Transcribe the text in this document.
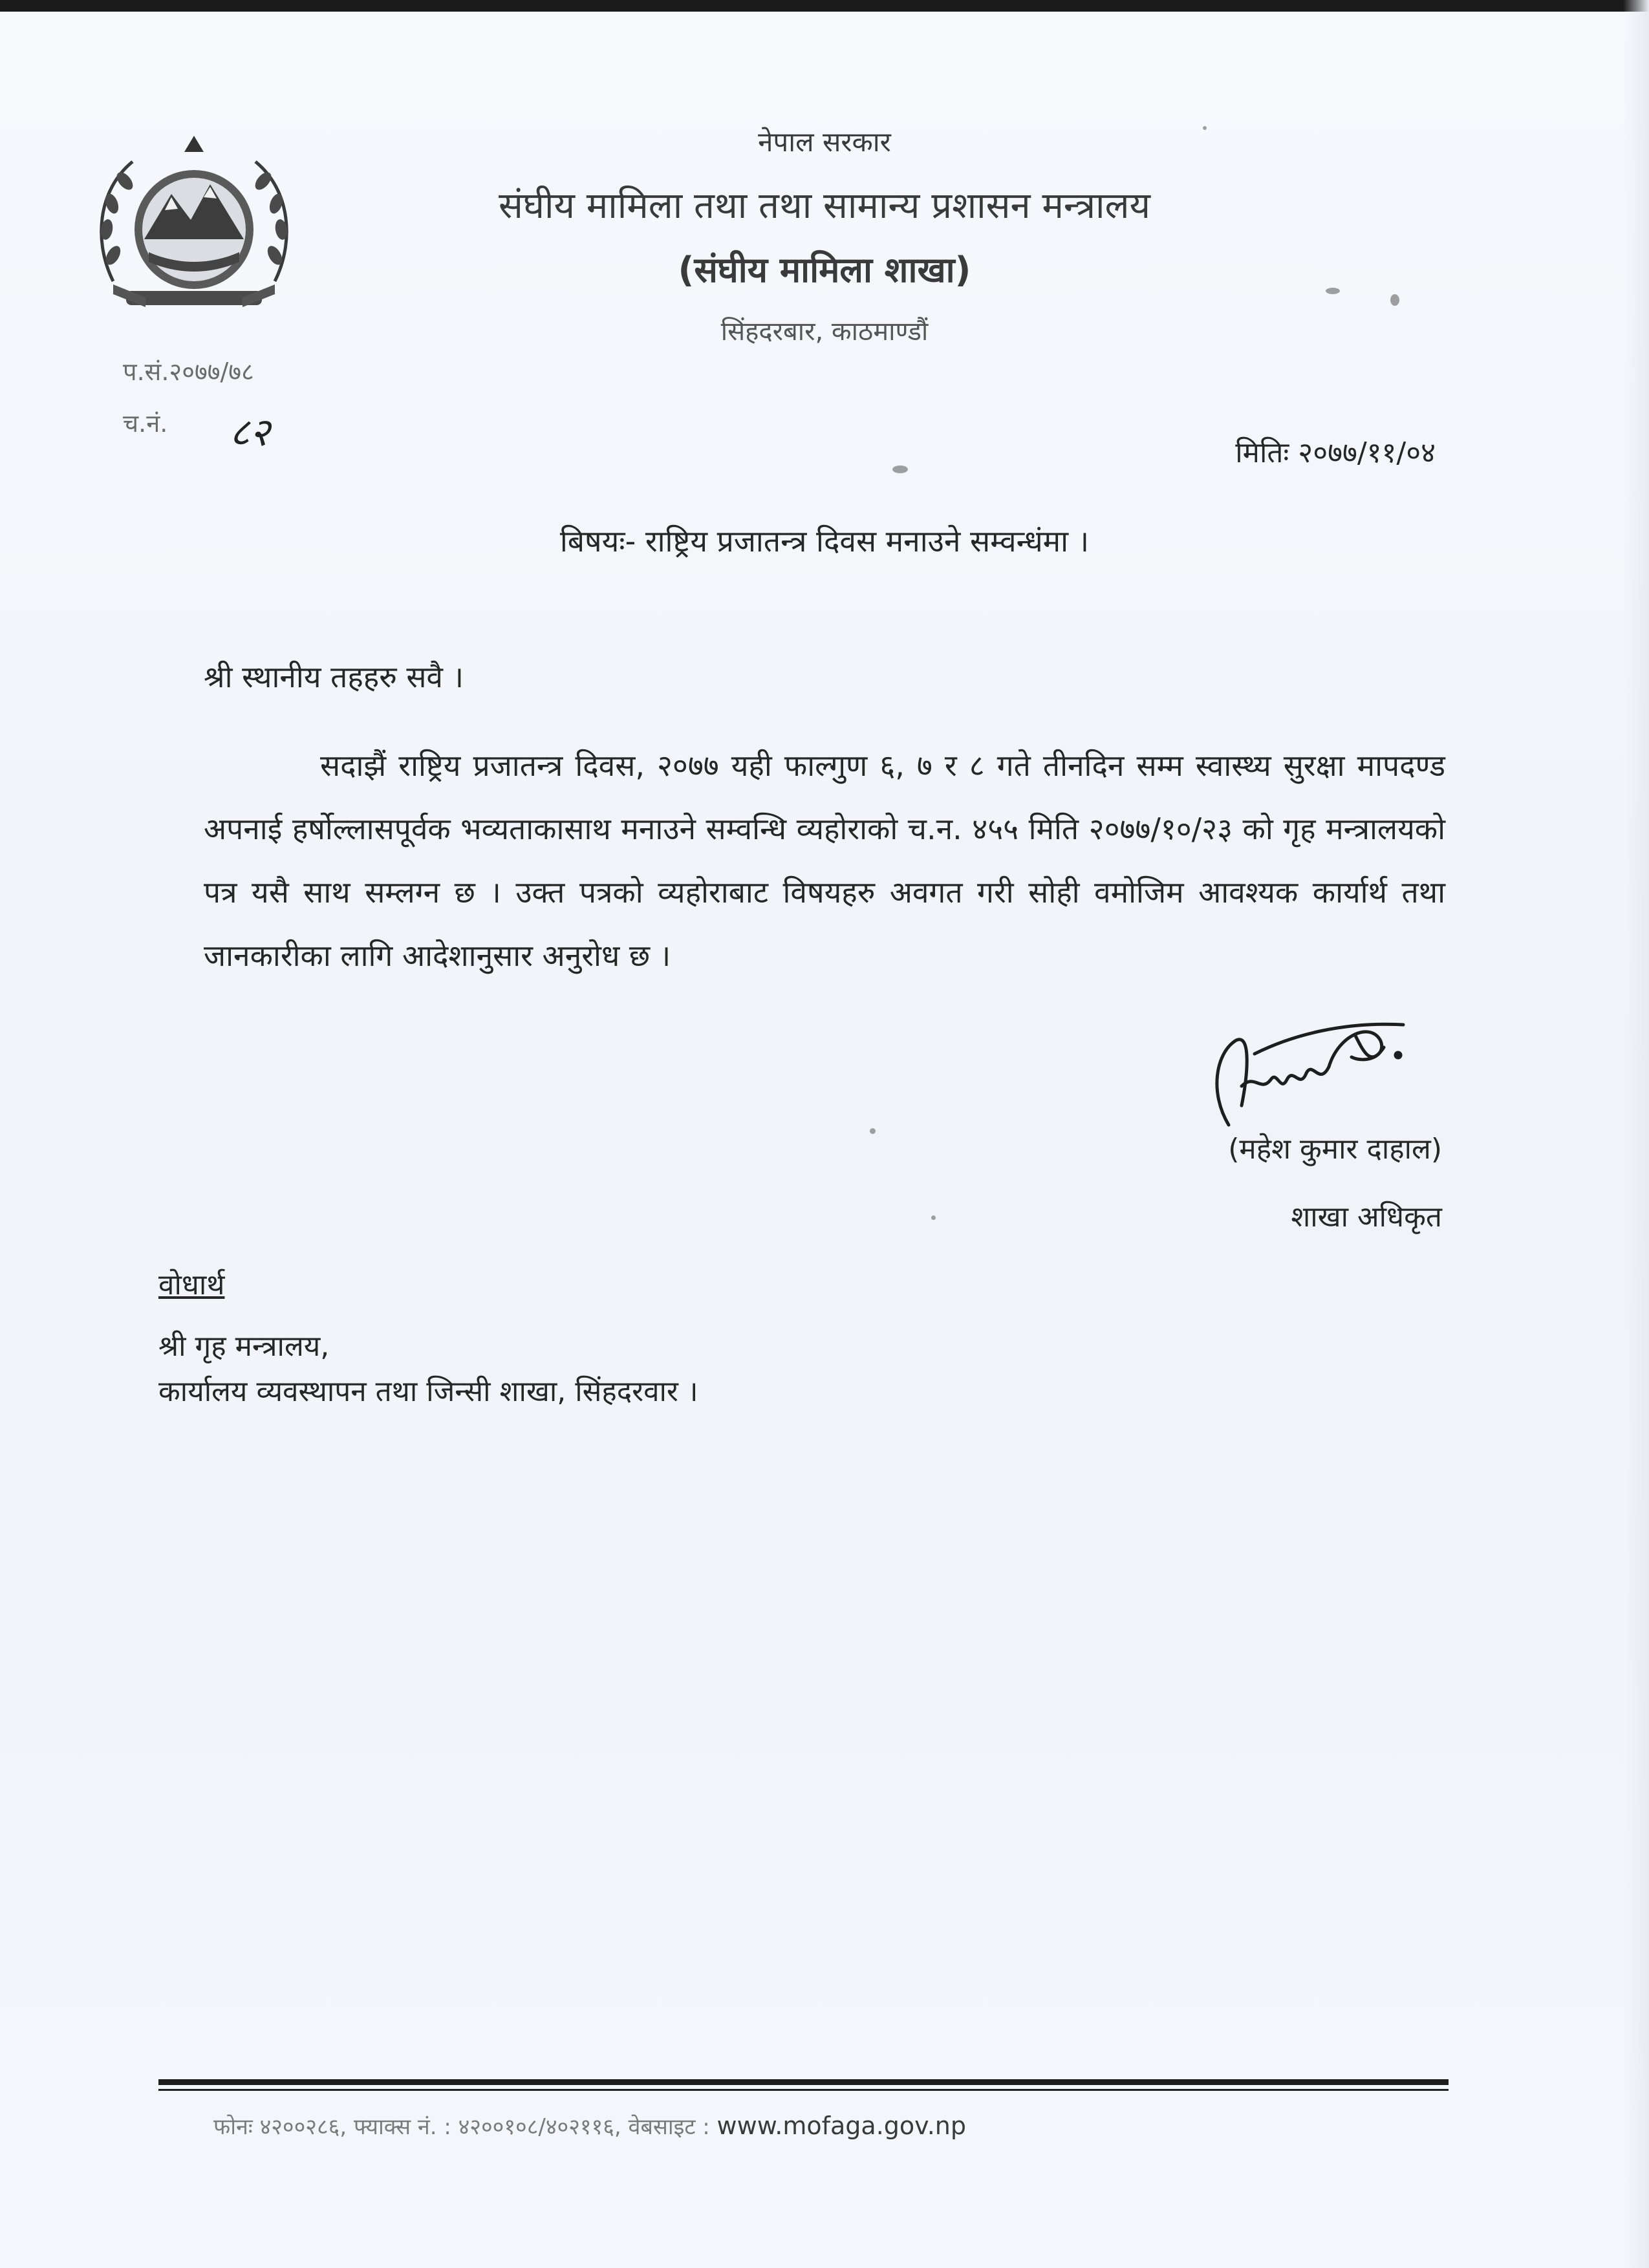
नेपाल सरकार
संघीय मामिला तथा तथा सामान्य प्रशासन मन्त्रालय
(संघीय मामिला शाखा)
सिंहदरबार, काठमाण्डौं
प.सं.२०७७/७८
च.नं. ८२	मितिः २०७७/११/०४
बिषयः- राष्ट्रिय प्रजातन्त्र दिवस मनाउने सम्वन्धंमा ।
श्री स्थानीय तहहरु सवै ।
सदाझैं राष्ट्रिय प्रजातन्त्र दिवस, २०७७ यही फाल्गुण ६, ७ र ८ गते तीनदिन सम्म स्वास्थ्य सुरक्षा मापदण्ड अपनाई हर्षोल्लासपूर्वक भव्यताकासाथ मनाउने सम्वन्धि व्यहोराको च.न. ४५५ मिति २०७७/१०/२३ को गृह मन्त्रालयको पत्र यसै साथ सम्लग्न छ । उक्त पत्रको व्यहोराबाट विषयहरु अवगत गरी सोही वमोजिम आवश्यक कार्यार्थ तथा जानकारीका लागि आदेशानुसार अनुरोध छ ।
(महेश कुमार दाहाल)
शाखा अधिकृत
वोधार्थ
श्री गृह मन्त्रालय,
कार्यालय व्यवस्थापन तथा जिन्सी शाखा, सिंहदरवार ।
फोनः ४२००२८६, फ्याक्स नं. : ४२००१०८/४०२११६, वेबसाइट : www.mofaga.gov.np
